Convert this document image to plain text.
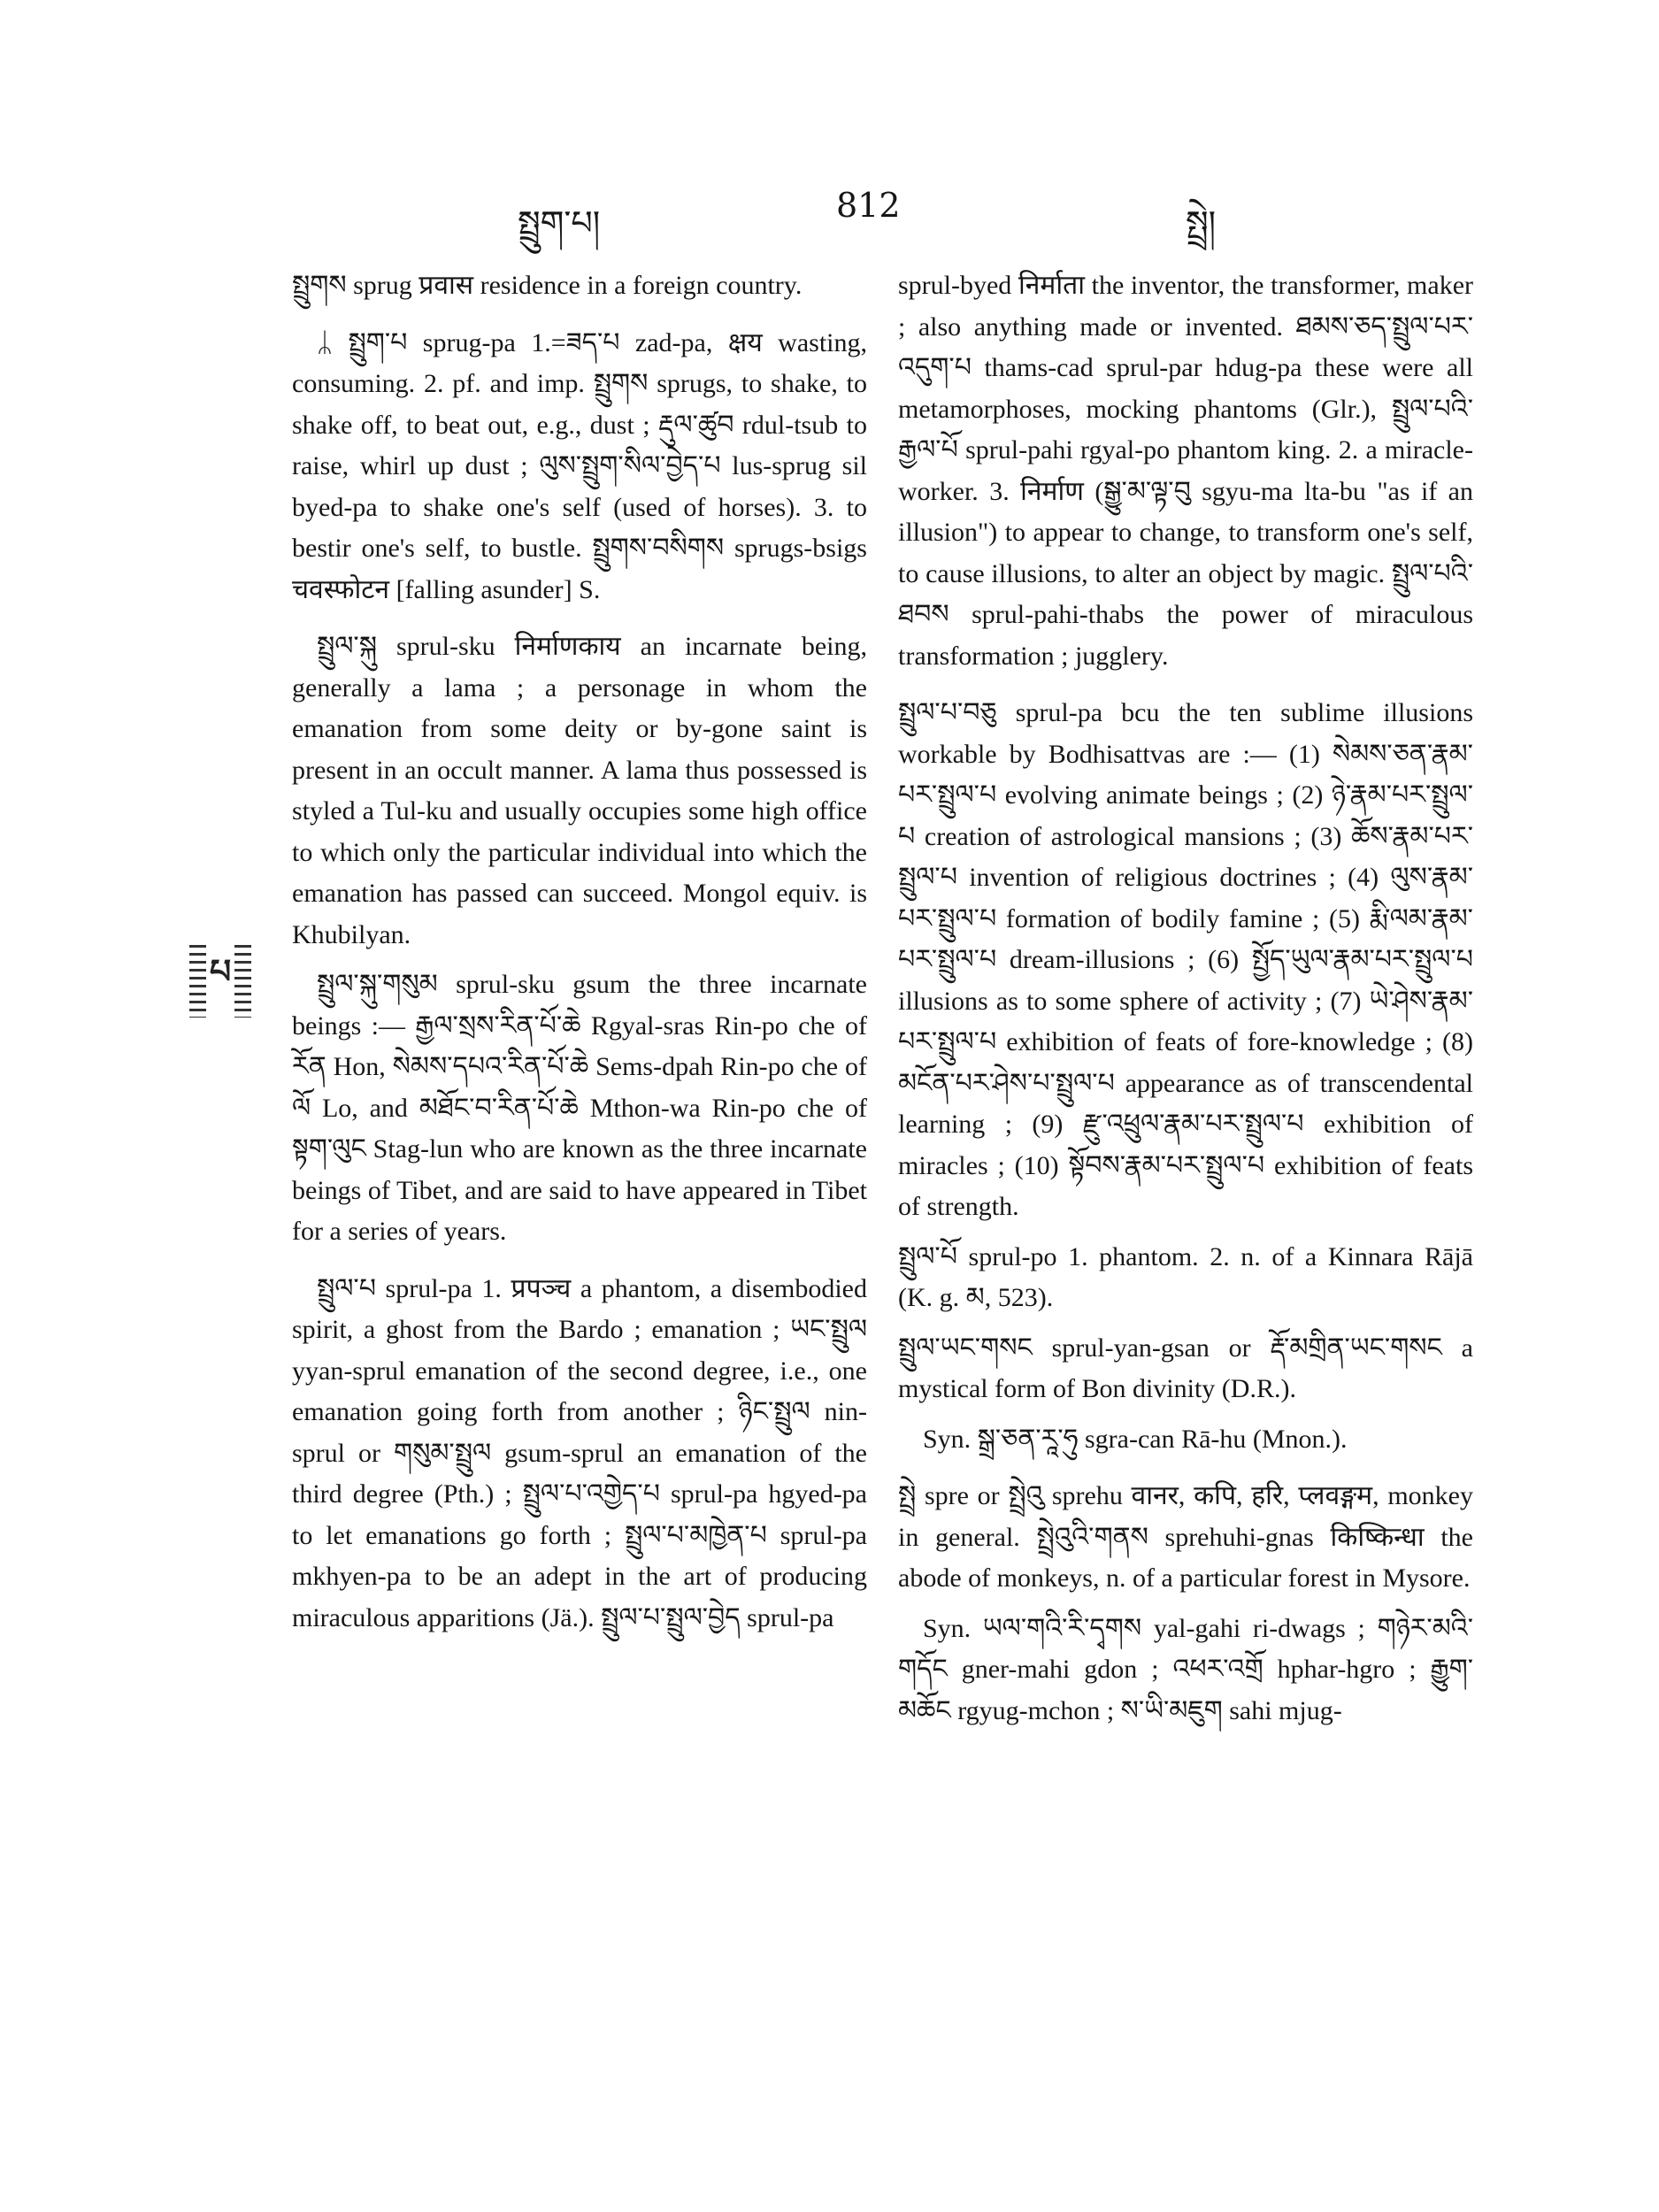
སྤྲུག་པ།	812	སྤྲེ།
པ

སྤྲུགས sprug प्रवास residence in a foreign country.

ᛦ སྤྲུག་པ sprug-pa 1.=ཟད་པ zad-pa, क्षय wasting, consuming. 2. pf. and imp. སྤྲུགས sprugs, to shake, to shake off, to beat out, e.g., dust ; རྡུལ་ཚུབ rdul-tsub to raise, whirl up dust ; ལུས་སྤྲུག་སིལ་བྱེད་པ lus-sprug sil byed-pa to shake one's self (used of horses). 3. to bestir one's self, to bustle. སྤྲུགས་བསིགས sprugs-bsigs चवस्फोटन [falling asunder] S.

སྤྲུལ་སྐུ sprul-sku निर्माणकाय an incarnate being, generally a lama ; a personage in whom the emanation from some deity or by-gone saint is present in an occult manner. A lama thus possessed is styled a Tul-ku and usually occupies some high office to which only the particular individual into which the emanation has passed can succeed. Mongol equiv. is Khubilyan.

སྤྲུལ་སྐུ་གསུམ sprul-sku gsum the three incarnate beings :— རྒྱལ་སྲས་རིན་པོ་ཆེ Rgyal-sras Rin-po che of རོན Hon, སེམས་དཔའ་རིན་པོ་ཆེ Sems-dpah Rin-po che of ལོ Lo, and མཐོང་བ་རིན་པོ་ཆེ Mthon-wa Rin-po che of སྟག་ལུང Stag-lun who are known as the three incarnate beings of Tibet, and are said to have appeared in Tibet for a series of years.

སྤྲུལ་པ sprul-pa 1. प्रपञ्च a phantom, a disembodied spirit, a ghost from the Bardo ; emanation ; ཡང་སྤྲུལ yyan-sprul emanation of the second degree, i.e., one emanation going forth from another ; ཉིང་སྤྲུལ nin-sprul or གསུམ་སྤྲུལ gsum-sprul an emanation of the third degree (Pth.) ; སྤྲུལ་པ་འགྱེད་པ sprul-pa hgyed-pa to let emanations go forth ; སྤྲུལ་པ་མཁྱེན་པ sprul-pa mkhyen-pa to be an adept in the art of producing miraculous apparitions (Jä.). སྤྲུལ་པ་སྤྲུལ་བྱེད sprul-pa

sprul-byed निर्माता the inventor, the transformer, maker ; also anything made or invented. ཐམས་ཅད་སྤྲུལ་པར་འདུག་པ thams-cad sprul-par hdug-pa these were all metamorphoses, mocking phantoms (Glr.), སྤྲུལ་པའི་རྒྱལ་པོ sprul-pahi rgyal-po phantom king. 2. a miracle-worker. 3. निर्माण (སྒྱུ་མ་ལྟ་བུ sgyu-ma lta-bu "as if an illusion") to appear to change, to transform one's self, to cause illusions, to alter an object by magic. སྤྲུལ་པའི་ཐབས sprul-pahi-thabs the power of miraculous transformation ; jugglery.

སྤྲུལ་པ་བཅུ sprul-pa bcu the ten sublime illusions workable by Bodhisattvas are :— (1) སེམས་ཅན་རྣམ་པར་སྤྲུལ་པ evolving animate beings ; (2) ཉེ་རྣམ་པར་སྤྲུལ་པ creation of astrological mansions ; (3) ཆོས་རྣམ་པར་སྤྲུལ་པ invention of religious doctrines ; (4) ལུས་རྣམ་པར་སྤྲུལ་པ formation of bodily famine ; (5) རྨི་ལམ་རྣམ་པར་སྤྲུལ་པ dream-illusions ; (6) སྤྱོད་ཡུལ་རྣམ་པར་སྤྲུལ་པ illusions as to some sphere of activity ; (7) ཡེ་ཤེས་རྣམ་པར་སྤྲུལ་པ exhibition of feats of fore-knowledge ; (8) མངོན་པར་ཤེས་པ་སྤྲུལ་པ appearance as of transcendental learning ; (9) རྫུ་འཕྲུལ་རྣམ་པར་སྤྲུལ་པ exhibition of miracles ; (10) སྟོབས་རྣམ་པར་སྤྲུལ་པ exhibition of feats of strength.

སྤྲུལ་པོ sprul-po 1. phantom. 2. n. of a Kinnara Rājā (K. g. མ, 523).

སྤྲུལ་ཡང་གསང sprul-yan-gsan or རྡོ་མགྲིན་ཡང་གསང a mystical form of Bon divinity (D.R.).

Syn. སྒྲ་ཅན་རཱ་ཧུ sgra-can Rā-hu (Mnon.).

སྤྲེ spre or སྤྲེའུ sprehu वानर, कपि, हरि, प्लवङ्गम, monkey in general. སྤྲེའུའི་གནས sprehuhi-gnas किष्किन्धा the abode of monkeys, n. of a particular forest in Mysore.

Syn. ཡལ་གའི་རི་དྭགས yal-gahi ri-dwags ; གཉེར་མའི་གདོང gner-mahi gdon ; འཕར་འགྲོ hphar-hgro ; རྒྱུག་མཆོང rgyug-mchon ; ས་ཡི་མཇུག sahi mjug-
